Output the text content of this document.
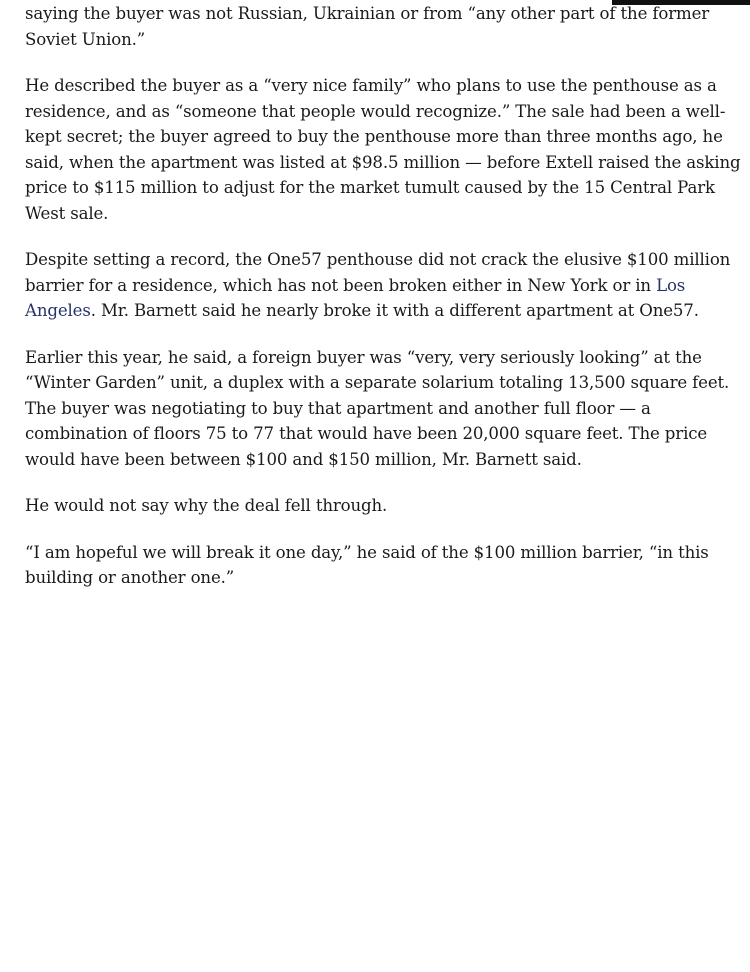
saying the buyer was not Russian, Ukrainian or from “any other part of the former Soviet Union.”

He described the buyer as a “very nice family” who plans to use the penthouse as a residence, and as “someone that people would recognize.” The sale had been a well-kept secret; the buyer agreed to buy the penthouse more than three months ago, he said, when the apartment was listed at $98.5 million — before Extell raised the asking price to $115 million to adjust for the market tumult caused by the 15 Central Park West sale.

Despite setting a record, the One57 penthouse did not crack the elusive $100 million barrier for a residence, which has not been broken either in New York or in Los Angeles. Mr. Barnett said he nearly broke it with a different apartment at One57.

Earlier this year, he said, a foreign buyer was “very, very seriously looking” at the “Winter Garden” unit, a duplex with a separate solarium totaling 13,500 square feet. The buyer was negotiating to buy that apartment and another full floor — a combination of floors 75 to 77 that would have been 20,000 square feet. The price would have been between $100 and $150 million, Mr. Barnett said.

He would not say why the deal fell through.

“I am hopeful we will break it one day,” he said of the $100 million barrier, “in this building or another one.”
